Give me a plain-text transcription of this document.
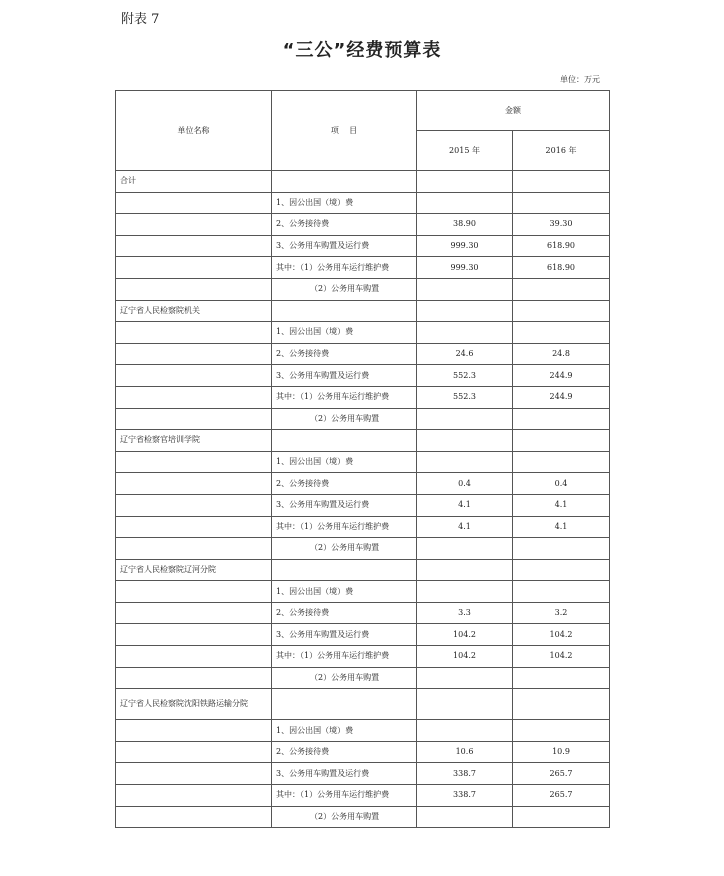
附表 7
“三公”经费预算表
单位：万元
单位名称	项    目	金额	
		2015 年	2016 年
合计			
	1、因公出国（境）费		
	2、公务接待费	38.90	39.30
	3、公务用车购置及运行费	999.30	618.90
	其中：（1）公务用车运行维护费	999.30	618.90
	（2）公务用车购置		
辽宁省人民检察院机关			
	1、因公出国（境）费		
	2、公务接待费	24.6	24.8
	3、公务用车购置及运行费	552.3	244.9
	其中：（1）公务用车运行维护费	552.3	244.9
	（2）公务用车购置		
辽宁省检察官培训学院			
	1、因公出国（境）费		
	2、公务接待费	0.4	0.4
	3、公务用车购置及运行费	4.1	4.1
	其中：（1）公务用车运行维护费	4.1	4.1
	（2）公务用车购置		
辽宁省人民检察院辽河分院			
	1、因公出国（境）费		
	2、公务接待费	3.3	3.2
	3、公务用车购置及运行费	104.2	104.2
	其中：（1）公务用车运行维护费	104.2	104.2
	（2）公务用车购置		
辽宁省人民检察院沈阳铁路运输分院			
	1、因公出国（境）费		
	2、公务接待费	10.6	10.9
	3、公务用车购置及运行费	338.7	265.7
	其中：（1）公务用车运行维护费	338.7	265.7
	（2）公务用车购置		
